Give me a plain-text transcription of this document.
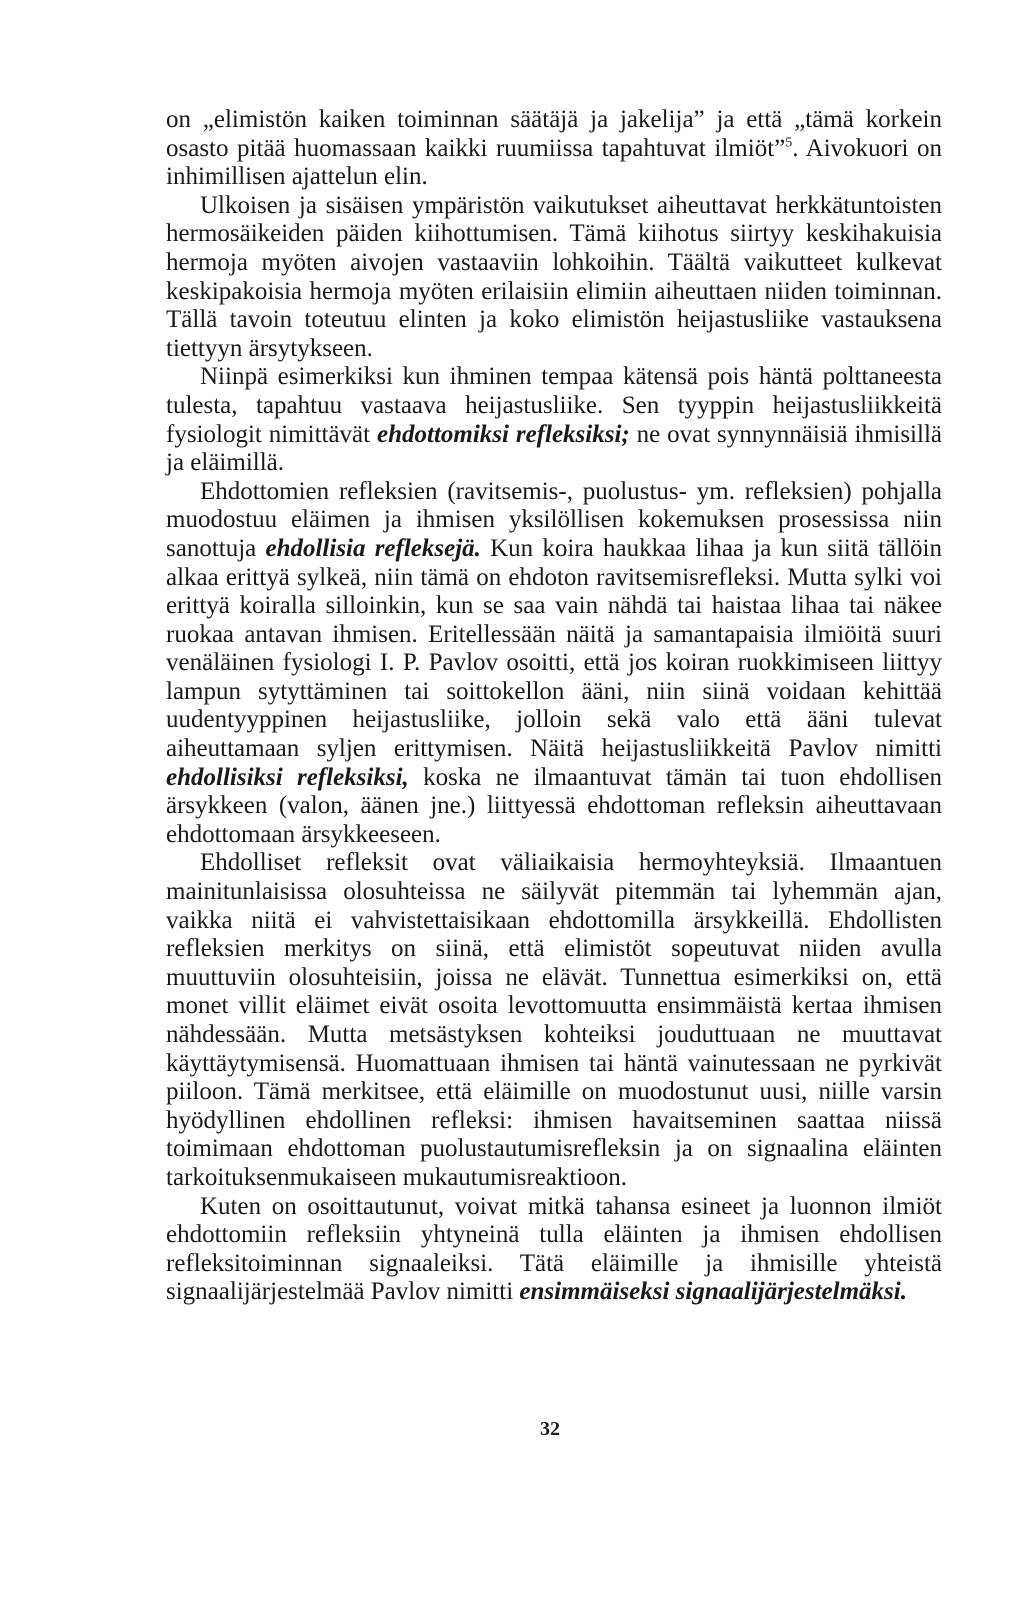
on „elimistön kaiken toiminnan säätäjä ja jakelija” ja että „tämä korkein osasto pitää huomassaan kaikki ruumiissa tapahtuvat ilmiöt”$^5$. Aivokuori on inhimillisen ajattelun elin.

Ulkoisen ja sisäisen ympäristön vaikutukset aiheuttavat herkkätuntoisten hermosäikeiden päiden kiihottumisen. Tämä kiihotus siirtyy keskihakuisia hermoja myöten aivojen vastaaviin lohkoihin. Täältä vaikutteet kulkevat keskipakoisia hermoja myöten erilaisiin elimiin aiheuttaen niiden toiminnan. Tällä tavoin toteutuu elinten ja koko elimistön heijastusliike vastauksena tiettyyn ärsytykseen.

Niinpä esimerkiksi kun ihminen tempaa kätensä pois häntä polttaneesta tulesta, tapahtuu vastaava heijastusliike. Sen tyyppin heijastusliikkeitä fysiologit nimittävät ehdottomiksi refleksiksi; ne ovat synnynnäisiä ihmisillä ja eläimillä.

Ehdottomien refleksien (ravitsemis-, puolustus- ym. refleksien) pohjalla muodostuu eläimen ja ihmisen yksilöllisen kokemuksen prosessissa niin sanottuja ehdollisia refleksejä. Kun koira haukkaa lihaa ja kun siitä tällöin alkaa erittyä sylkeä, niin tämä on ehdoton ravitsemisrefleksi. Mutta sylki voi erittyä koiralla silloinkin, kun se saa vain nähdä tai haistaa lihaa tai näkee ruokaa antavan ihmisen. Eritellessään näitä ja samantapaisia ilmiöitä suuri venäläinen fysiologi I. P. Pavlov osoitti, että jos koiran ruokkimiseen liittyy lampun sytyttäminen tai soittokellon ääni, niin siinä voidaan kehittää uudentyyppinen heijastusliike, jolloin sekä valo että ääni tulevat aiheuttamaan syljen erittymisen. Näitä heijastusliikkeitä Pavlov nimitti ehdollisiksi refleksiksi, koska ne ilmaantuvat tämän tai tuon ehdollisen ärsykkeen (valon, äänen jne.) liittyessä ehdottoman refleksin aiheuttavaan ehdottomaan ärsykkeeseen.

Ehdolliset refleksit ovat väliaikaisia hermoyhteyksiä. Ilmaantuen mainitunlaisissa olosuhteissa ne säilyvät pitemmän tai lyhemmän ajan, vaikka niitä ei vahvistettaisikaan ehdottomilla ärsykkeillä. Ehdollisten refleksien merkitys on siinä, että elimistöt sopeutuvat niiden avulla muuttuviin olosuhteisiin, joissa ne elävät. Tunnettua esimerkiksi on, että monet villit eläimet eivät osoita levottomuutta ensimmäistä kertaa ihmisen nähdessään. Mutta metsästyksen kohteiksi jouduttuaan ne muuttavat käyttäytymisensä. Huomattuaan ihmisen tai häntä vainutessaan ne pyrkivät piiloon. Tämä merkitsee, että eläimille on muodostunut uusi, niille varsin hyödyllinen ehdollinen refleksi: ihmisen havaitseminen saattaa niissä toimimaan ehdottoman puolustautumisrefleksin ja on signaalina eläinten tarkoituksenmukaiseen mukautumisreaktioon.

Kuten on osoittautunut, voivat mitkä tahansa esineet ja luonnon ilmiöt ehdottomiin refleksiin yhtyneinä tulla eläinten ja ihmisen ehdollisen refleksitoiminnan signaaleiksi. Tätä eläimille ja ihmisille yhteistä signaalijärjestelmää Pavlov nimitti ensimmäiseksi signaalijärjestelmäksi.

32
